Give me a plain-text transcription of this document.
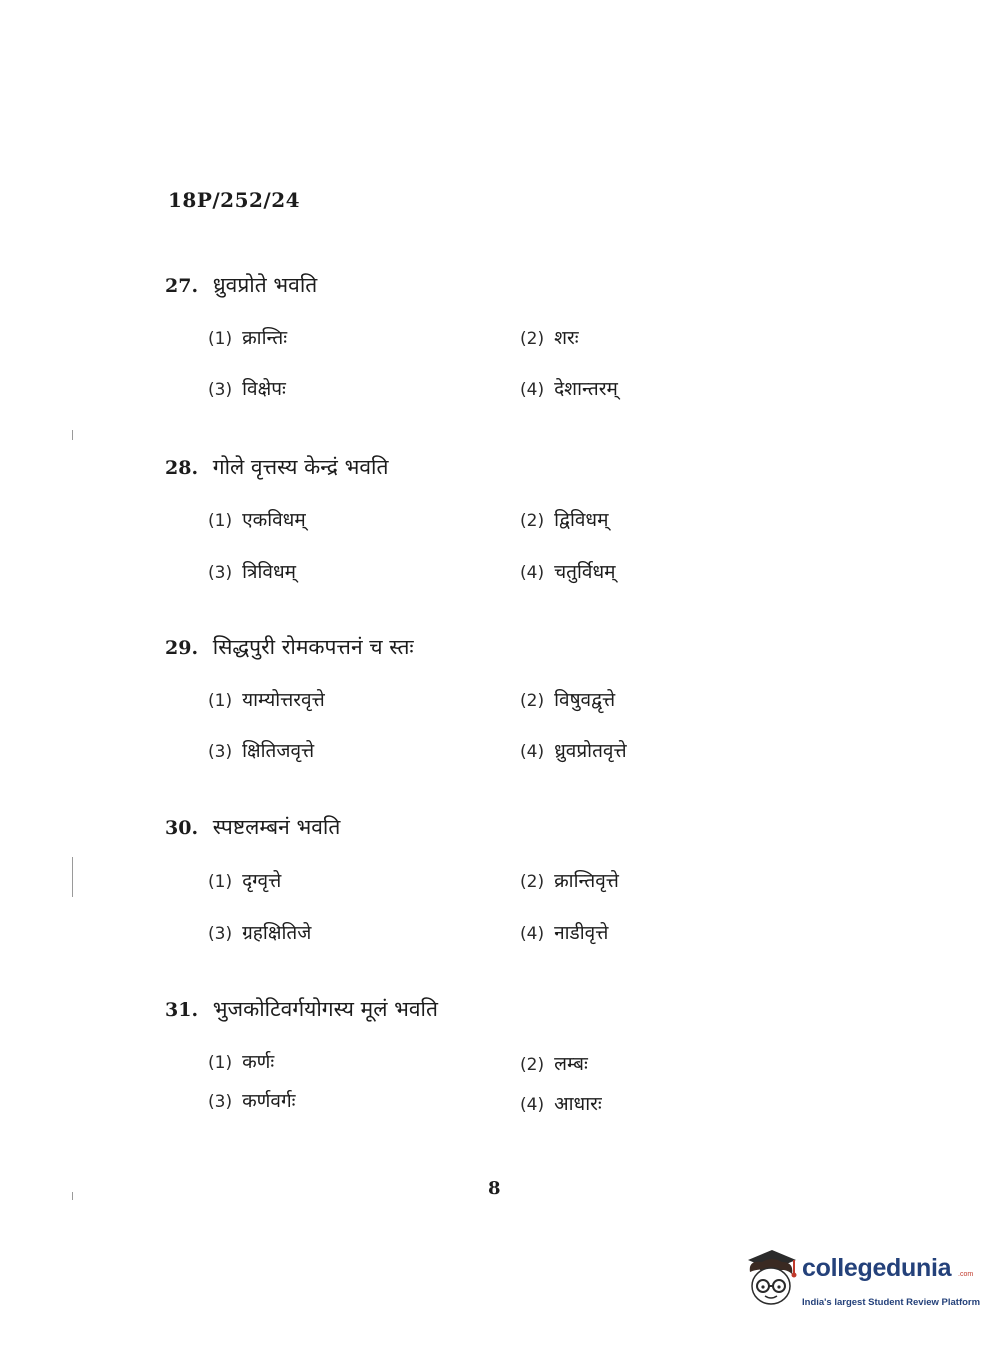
18P/252/24
27. ध्रुवप्रोते भवति
(1) क्रान्तिः	(2) शरः
(3) विक्षेपः	(4) देशान्तरम्
28. गोले वृत्तस्य केन्द्रं भवति
(1) एकविधम्	(2) द्विविधम्
(3) त्रिविधम्	(4) चतुर्विधम्
29. सिद्धपुरी रोमकपत्तनं च स्तः
(1) याम्योत्तरवृत्ते	(2) विषुवद्वृत्ते
(3) क्षितिजवृत्ते	(4) ध्रुवप्रोतवृत्ते
30. स्पष्टलम्बनं भवति
(1) दृग्वृत्ते	(2) क्रान्तिवृत्ते
(3) ग्रहक्षितिजे	(4) नाडीवृत्ते
31. भुजकोटिवर्गयोगस्य मूलं भवति
(1) कर्णः	(2) लम्बः
(3) कर्णवर्गः	(4) आधारः
8
collegedunia .com
India's largest Student Review Platform
